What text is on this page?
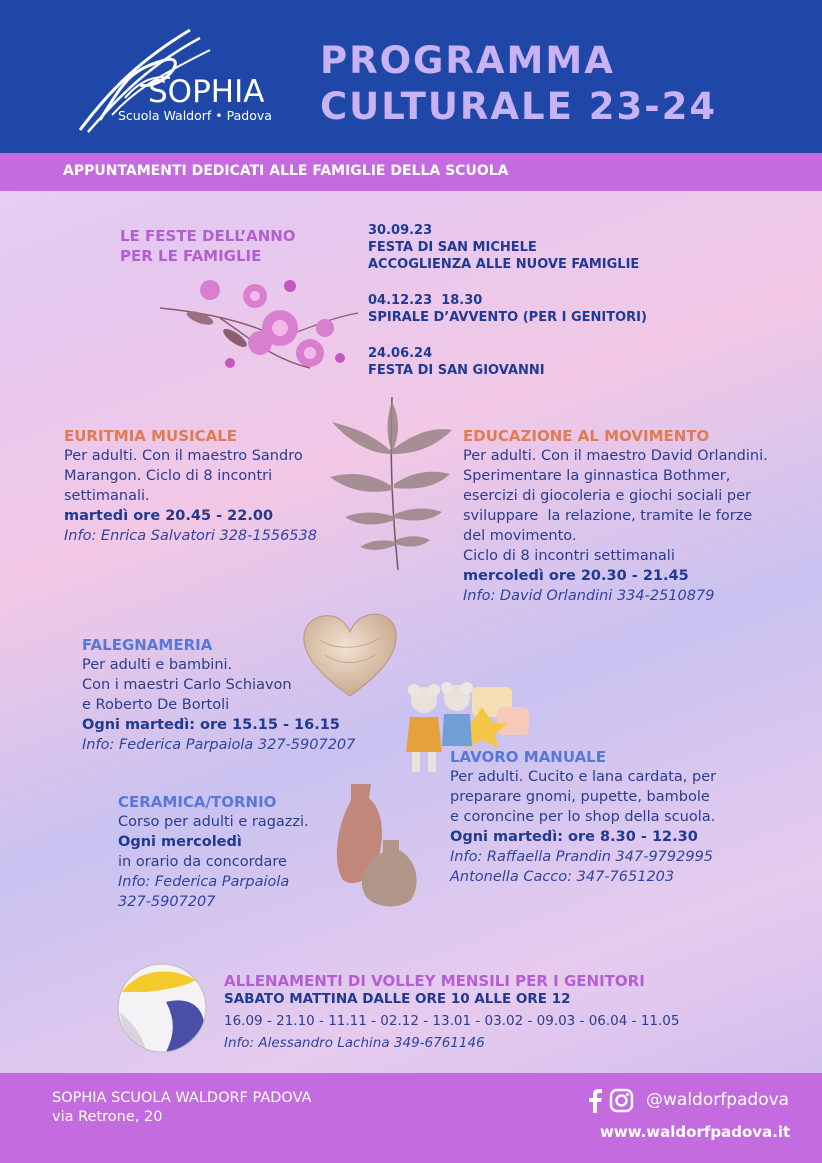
SOPHIA
Scuola Waldorf • Padova
PROGRAMMA
CULTURALE 23-24
APPUNTAMENTI DEDICATI ALLE FAMIGLIE DELLA SCUOLA
LE FESTE DELL’ANNO
PER LE FAMIGLIE
30.09.23
FESTA DI SAN MICHELE
ACCOGLIENZA ALLE NUOVE FAMIGLIE
04.12.23  18.30
SPIRALE D’AVVENTO (PER I GENITORI)
24.06.24
FESTA DI SAN GIOVANNI
EURITMIA MUSICALE
Per adulti. Con il maestro Sandro
Marangon. Ciclo di 8 incontri
settimanali.
martedì ore 20.45 - 22.00
Info: Enrica Salvatori 328-1556538
EDUCAZIONE AL MOVIMENTO
Per adulti. Con il maestro David Orlandini.
Sperimentare la ginnastica Bothmer,
esercizi di giocoleria e giochi sociali per
sviluppare  la relazione, tramite le forze
del movimento.
Ciclo di 8 incontri settimanali
mercoledì ore 20.30 - 21.45
Info: David Orlandini 334-2510879
FALEGNAMERIA
Per adulti e bambini.
Con i maestri Carlo Schiavon
e Roberto De Bortoli
Ogni martedì: ore 15.15 - 16.15
Info: Federica Parpaiola 327-5907207
LAVORO MANUALE
Per adulti. Cucito e lana cardata, per
preparare gnomi, pupette, bambole
e coroncine per lo shop della scuola.
Ogni martedì: ore 8.30 - 12.30
Info: Raffaella Prandin 347-9792995
Antonella Cacco: 347-7651203
CERAMICA/TORNIO
Corso per adulti e ragazzi.
Ogni mercoledì
in orario da concordare
Info: Federica Parpaiola
327-5907207
ALLENAMENTI DI VOLLEY MENSILI PER I GENITORI
SABATO MATTINA DALLE ORE 10 ALLE ORE 12
16.09 - 21.10 - 11.11 - 02.12 - 13.01 - 03.02 - 09.03 - 06.04 - 11.05
Info: Alessandro Lachina 349-6761146
SOPHIA SCUOLA WALDORF PADOVA
via Retrone, 20
@waldorfpadova
www.waldorfpadova.it
